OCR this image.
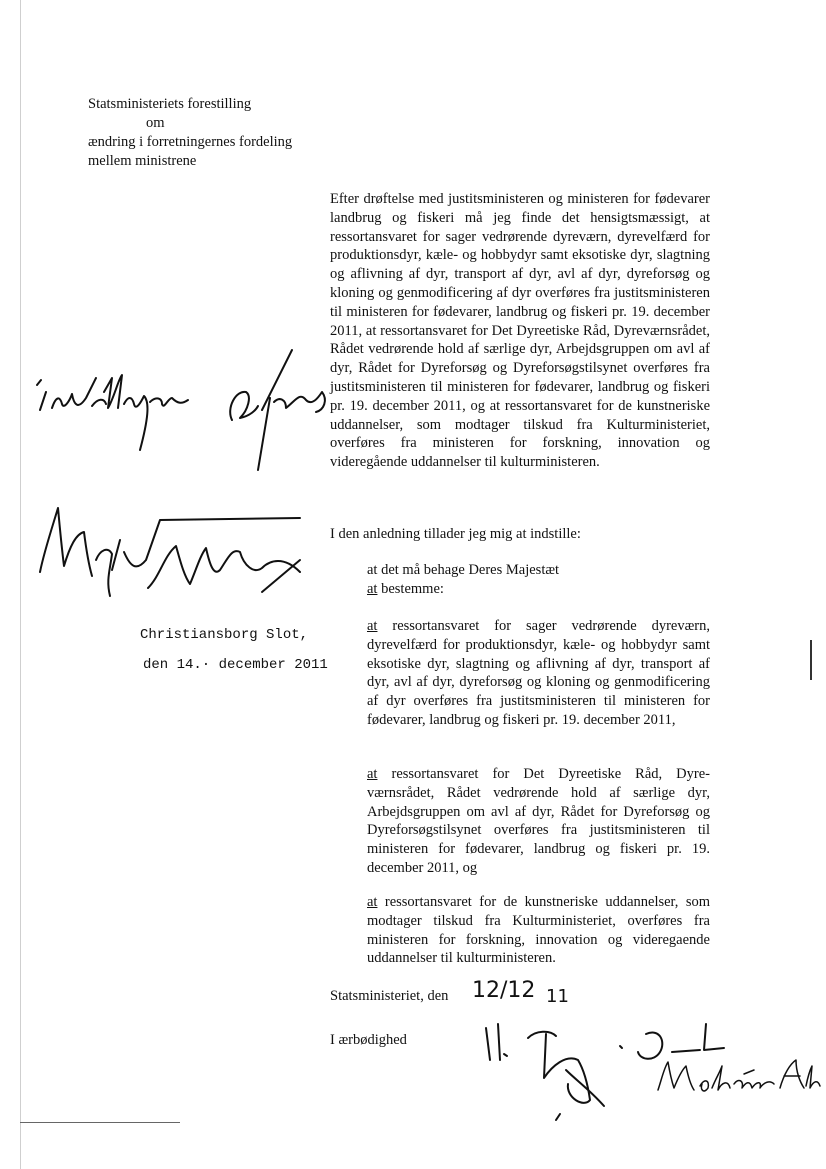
Statsministeriets forestilling
om
ændring i forretningernes fordeling
mellem ministrene
Efter drøftelse med justitsministeren og ministeren for fødevarer landbrug og fiskeri må jeg finde det hensigtsmæssigt, at ressortansvaret for sager vedrørende dyreværn, dyrevelfærd for produktionsdyr, kæle- og hobbydyr samt eksotiske dyr, slagtning og aflivning af dyr, transport af dyr, avl af dyr, dyreforsøg og kloning og genmodificering af dyr overføres fra justitsministeren til ministeren for fødevarer, landbrug og fiskeri pr. 19. december 2011, at ressortansvaret for Det Dyreetiske Råd, Dyreværnsrådet, Rådet vedrørende hold af særlige dyr, Arbejdsgruppen om avl af dyr, Rådet for Dyreforsøg og Dyreforsøgstilsynet overføres fra justitsministeren til ministeren for fødevarer, landbrug og fiskeri pr. 19. december 2011, og at ressortansvaret for de kunstneriske uddannelser, som modtager tilskud fra Kulturministeriet, overføres fra ministeren for forskning, innovation og videregående uddannelser til kulturministeren.
I den anledning tillader jeg mig at indstille:
at det må behage Deres Majestæt
at bestemme:
at ressortansvaret for sager vedrørende dyreværn, dyrevelfærd for produktionsdyr, kæle- og hobbydyr samt eksotiske dyr, slagtning og aflivning af dyr, transport af dyr, avl af dyr, dyreforsøg og kloning og genmodificering af dyr overføres fra justitsministeren til ministeren for fødevarer, landbrug og fiskeri pr. 19. december 2011,
at ressortansvaret for Det Dyreetiske Råd, Dyreværnsrådet, Rådet vedrørende hold af særlige dyr, Arbejdsgruppen om avl af dyr, Rådet for Dyreforsøg og Dyreforsøgstilsynet overføres fra justitsministeren til ministeren for fødevarer, landbrug og fiskeri pr. 19. december 2011, og
at ressortansvaret for de kunstneriske uddannelser, som modtager tilskud fra Kulturministeriet, overføres fra ministeren for forskning, innovation og videregaende uddannelser til kulturministeren.
Christiansborg Slot,
den 14.· december 2011
Statsministeriet, den 12/12 11
I ærbødighed
